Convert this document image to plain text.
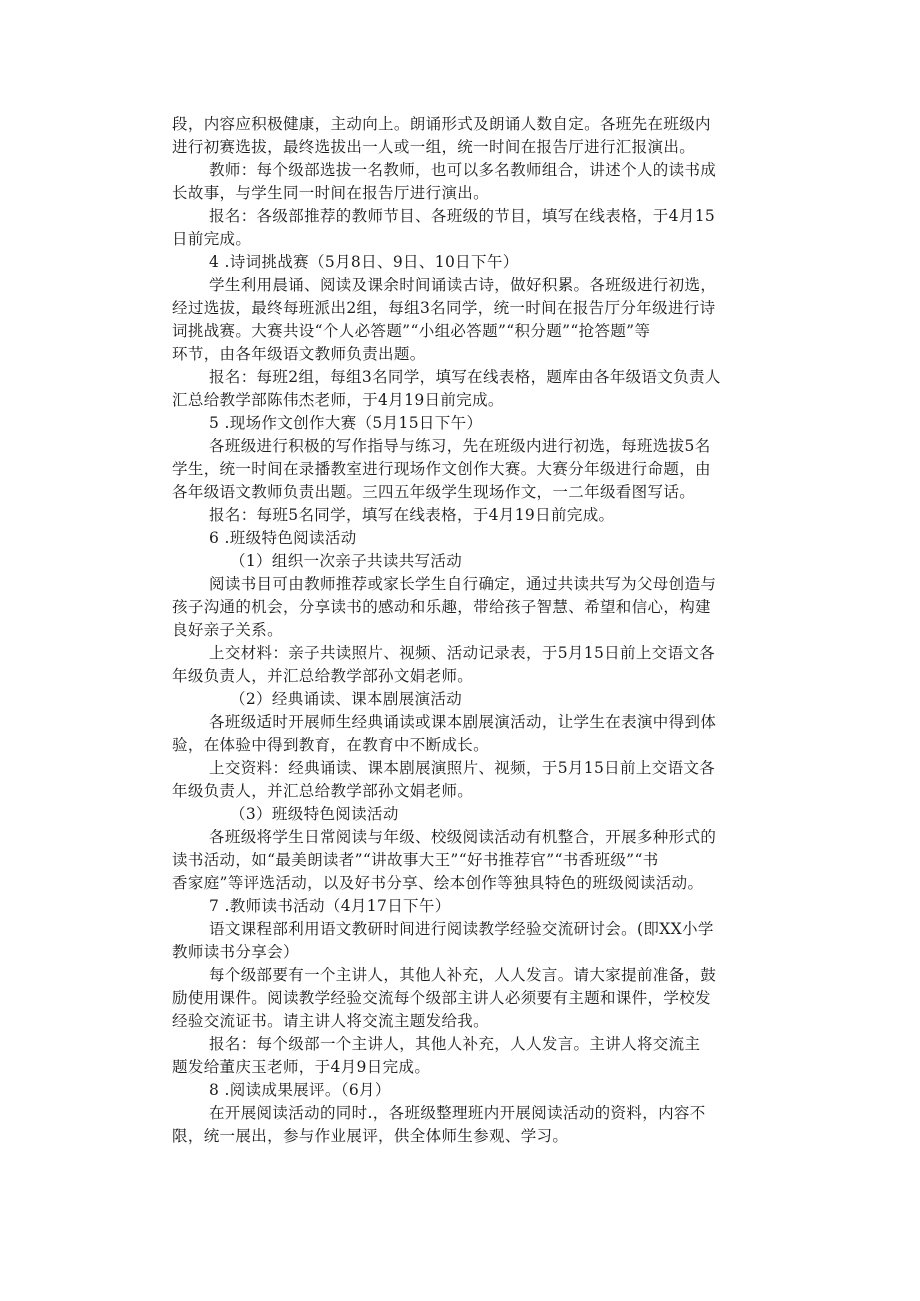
段，内容应积极健康，主动向上。朗诵形式及朗诵人数自定。各班先在班级内
进行初赛选拔，最终选拔出一人或一组，统一时间在报告厅进行汇报演出。
教师：每个级部选拔一名教师，也可以多名教师组合，讲述个人的读书成
长故事，与学生同一时间在报告厅进行演出。
报名：各级部推荐的教师节目、各班级的节目，填写在线表格，于4月15
日前完成。
4 .诗词挑战赛（5月8日、9日、10日下午）
学生利用晨诵、阅读及课余时间诵读古诗，做好积累。各班级进行初选，
经过选拔，最终每班派出2组，每组3名同学，统一时间在报告厅分年级进行诗
词挑战赛。大赛共设“个人必答题”“小组必答题”“积分题”“抢答题”等
环节，由各年级语文教师负责出题。
报名：每班2组，每组3名同学，填写在线表格，题库由各年级语文负责人
汇总给教学部陈伟杰老师，于4月19日前完成。
5 .现场作文创作大赛（5月15日下午）
各班级进行积极的写作指导与练习，先在班级内进行初选，每班选拔5名
学生，统一时间在录播教室进行现场作文创作大赛。大赛分年级进行命题，由
各年级语文教师负责出题。三四五年级学生现场作文，一二年级看图写话。
报名：每班5名同学，填写在线表格，于4月19日前完成。
6 .班级特色阅读活动
（1）组织一次亲子共读共写活动
阅读书目可由教师推荐或家长学生自行确定，通过共读共写为父母创造与
孩子沟通的机会，分享读书的感动和乐趣，带给孩子智慧、希望和信心，构建
良好亲子关系。
上交材料：亲子共读照片、视频、活动记录表，于5月15日前上交语文各
年级负责人，并汇总给教学部孙文娟老师。
（2）经典诵读、课本剧展演活动
各班级适时开展师生经典诵读或课本剧展演活动，让学生在表演中得到体
验，在体验中得到教育，在教育中不断成长。
上交资料：经典诵读、课本剧展演照片、视频，于5月15日前上交语文各
年级负责人，并汇总给教学部孙文娟老师。
（3）班级特色阅读活动
各班级将学生日常阅读与年级、校级阅读活动有机整合，开展多种形式的
读书活动，如“最美朗读者”“讲故事大王”“好书推荐官”“书香班级”“书
香家庭”等评选活动，以及好书分享、绘本创作等独具特色的班级阅读活动。
7 .教师读书活动（4月17日下午）
语文课程部利用语文教研时间进行阅读教学经验交流研讨会。(即XX小学
教师读书分享会）
每个级部要有一个主讲人，其他人补充，人人发言。请大家提前准备，鼓
励使用课件。阅读教学经验交流每个级部主讲人必须要有主题和课件，学校发
经验交流证书。请主讲人将交流主题发给我。
报名：每个级部一个主讲人，其他人补充，人人发言。主讲人将交流主
题发给董庆玉老师，于4月9日完成。
8 .阅读成果展评。（6月）
在开展阅读活动的同时.，各班级整理班内开展阅读活动的资料，内容不
限，统一展出，参与作业展评，供全体师生参观、学习。
